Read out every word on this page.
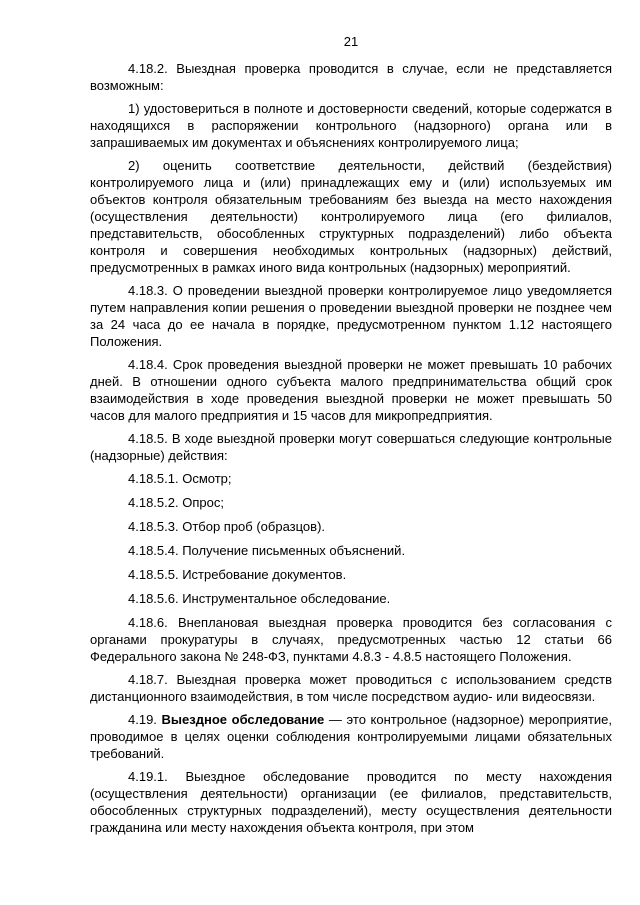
21

4.18.2. Выездная проверка проводится в случае, если не представляется возможным:

1) удостовериться в полноте и достоверности сведений, которые содержатся в находящихся в распоряжении контрольного (надзорного) органа или в запрашиваемых им документах и объяснениях контролируемого лица;

2) оценить соответствие деятельности, действий (бездействия) контролируемого лица и (или) принадлежащих ему и (или) используемых им объектов контроля обязательным требованиям без выезда на место нахождения (осуществления деятельности) контролируемого лица (его филиалов, представительств, обособленных структурных подразделений) либо объекта контроля и совершения необходимых контрольных (надзорных) действий, предусмотренных в рамках иного вида контрольных (надзорных) мероприятий.

4.18.3. О проведении выездной проверки контролируемое лицо уведомляется путем направления копии решения о проведении выездной проверки не позднее чем за 24 часа до ее начала в порядке, предусмотренном пунктом 1.12 настоящего Положения.

4.18.4. Срок проведения выездной проверки не может превышать 10 рабочих дней. В отношении одного субъекта малого предпринимательства общий срок взаимодействия в ходе проведения выездной проверки не может превышать 50 часов для малого предприятия и 15 часов для микропредприятия.

4.18.5. В ходе выездной проверки могут совершаться следующие контрольные (надзорные) действия:

4.18.5.1. Осмотр;

4.18.5.2. Опрос;

4.18.5.3. Отбор проб (образцов).

4.18.5.4. Получение письменных объяснений.

4.18.5.5. Истребование документов.

4.18.5.6. Инструментальное обследование.

4.18.6. Внеплановая выездная проверка проводится без согласования с органами прокуратуры в случаях, предусмотренных частью 12 статьи 66 Федерального закона № 248-ФЗ, пунктами 4.8.3 - 4.8.5 настоящего Положения.

4.18.7. Выездная проверка может проводиться с использованием средств дистанционного взаимодействия, в том числе посредством аудио- или видеосвязи.

4.19. Выездное обследование — это контрольное (надзорное) мероприятие, проводимое в целях оценки соблюдения контролируемыми лицами обязательных требований.

4.19.1. Выездное обследование проводится по месту нахождения (осуществления деятельности) организации (ее филиалов, представительств, обособленных структурных подразделений), месту осуществления деятельности гражданина или месту нахождения объекта контроля, при этом
